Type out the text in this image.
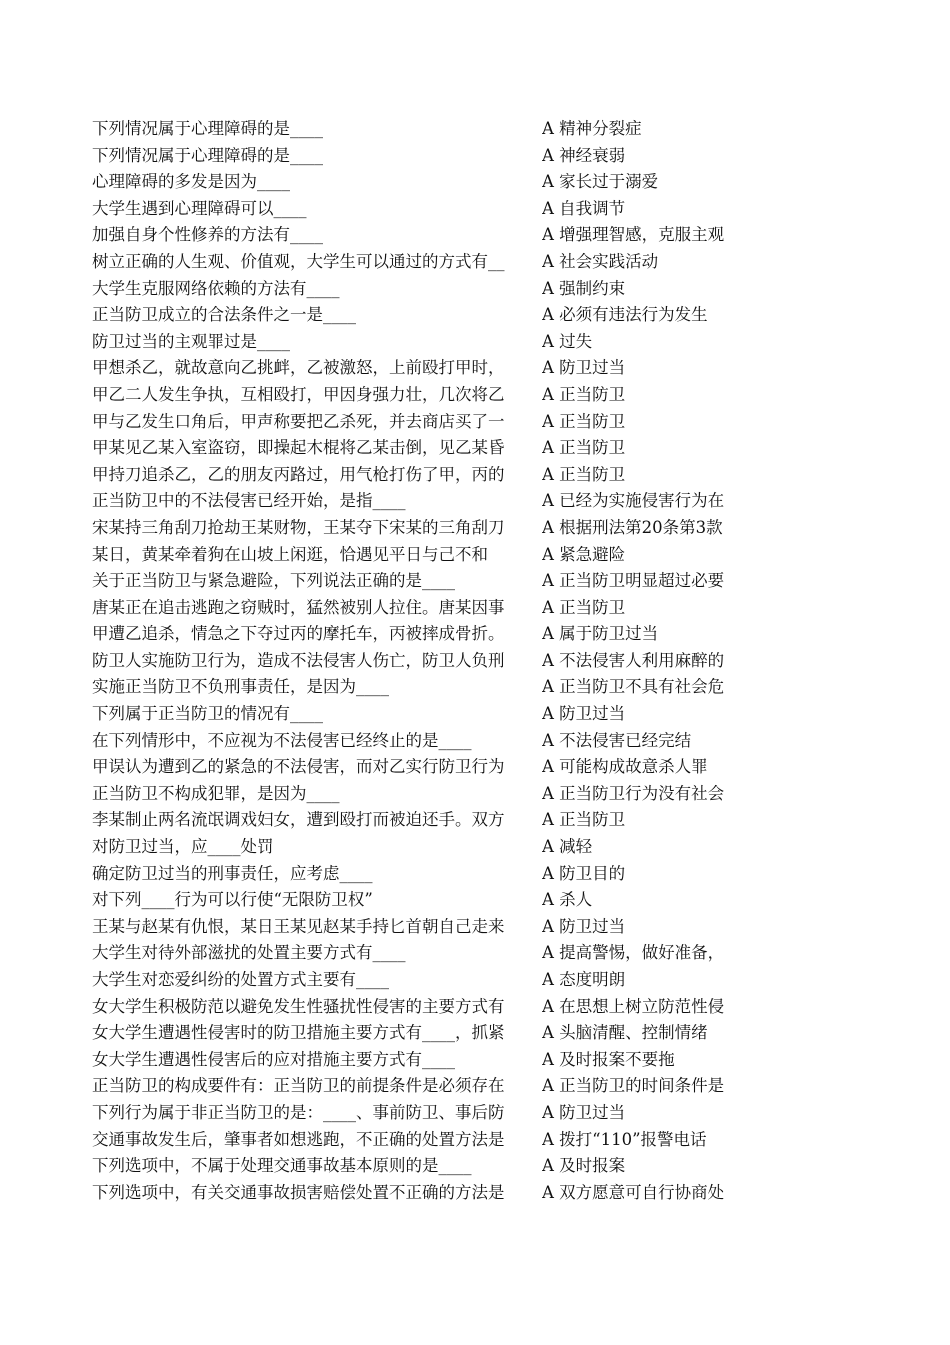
下列情况属于心理障碍的是____	A 精神分裂症
下列情况属于心理障碍的是____	A 神经衰弱
心理障碍的多发是因为____	A 家长过于溺爱
大学生遇到心理障碍可以____	A 自我调节
加强自身个性修养的方法有____	A 增强理智感，克服主观
树立正确的人生观、价值观，大学生可以通过的方式有__ A 社会实践活动
大学生克服网络依赖的方法有____	A 强制约束
正当防卫成立的合法条件之一是____	A 必须有违法行为发生
防卫过当的主观罪过是____	A 过失
甲想杀乙，就故意向乙挑衅，乙被激怒，上前殴打甲时， A 防卫过当
甲乙二人发生争执，互相殴打，甲因身强力壮，几次将乙 A 正当防卫
甲与乙发生口角后，甲声称要把乙杀死，并去商店买了一 A 正当防卫
甲某见乙某入室盗窃，即操起木棍将乙某击倒，见乙某昏 A 正当防卫
甲持刀追杀乙，乙的朋友丙路过，用气枪打伤了甲，丙的 A 正当防卫
正当防卫中的不法侵害已经开始，是指____	A 已经为实施侵害行为在
宋某持三角刮刀抢劫王某财物，王某夺下宋某的三角刮刀 A 根据刑法第20条第3款
某日，黄某牵着狗在山坡上闲逛，恰遇见平日与己不和	A 紧急避险
关于正当防卫与紧急避险，下列说法正确的是____	A 正当防卫明显超过必要
唐某正在追击逃跑之窃贼时，猛然被别人拉住。唐某因事 A 正当防卫
甲遭乙追杀，情急之下夺过丙的摩托车，丙被摔成骨折。 A 属于防卫过当
防卫人实施防卫行为，造成不法侵害人伤亡，防卫人负刑 A 不法侵害人利用麻醉的
实施正当防卫不负刑事责任，是因为____	A 正当防卫不具有社会危
下列属于正当防卫的情况有____	A 防卫过当
在下列情形中，不应视为不法侵害已经终止的是____	A 不法侵害已经完结
甲误认为遭到乙的紧急的不法侵害，而对乙实行防卫行为 A 可能构成故意杀人罪
正当防卫不构成犯罪，是因为____	A 正当防卫行为没有社会
李某制止两名流氓调戏妇女，遭到殴打而被迫还手。双方 A 正当防卫
对防卫过当，应____处罚	A 减轻
确定防卫过当的刑事责任，应考虑____	A 防卫目的
对下列____行为可以行使“无限防卫权”	A 杀人
王某与赵某有仇恨，某日王某见赵某手持匕首朝自己走来 A 防卫过当
大学生对待外部滋扰的处置主要方式有____	A 提高警惕，做好准备，
大学生对恋爱纠纷的处置方式主要有____	A 态度明朗
女大学生积极防范以避免发生性骚扰性侵害的主要方式有 A 在思想上树立防范性侵
女大学生遭遇性侵害时的防卫措施主要方式有____，抓紧 A 头脑清醒、控制情绪
女大学生遭遇性侵害后的应对措施主要方式有____	A 及时报案不要拖
正当防卫的构成要件有：正当防卫的前提条件是必须存在 A 正当防卫的时间条件是
下列行为属于非正当防卫的是：____、事前防卫、事后防 A 防卫过当
交通事故发生后，肇事者如想逃跑，不正确的处置方法是 A 拨打“110”报警电话
下列选项中，不属于处理交通事故基本原则的是____	A 及时报案
下列选项中，有关交通事故损害赔偿处置不正确的方法是 A 双方愿意可自行协商处
